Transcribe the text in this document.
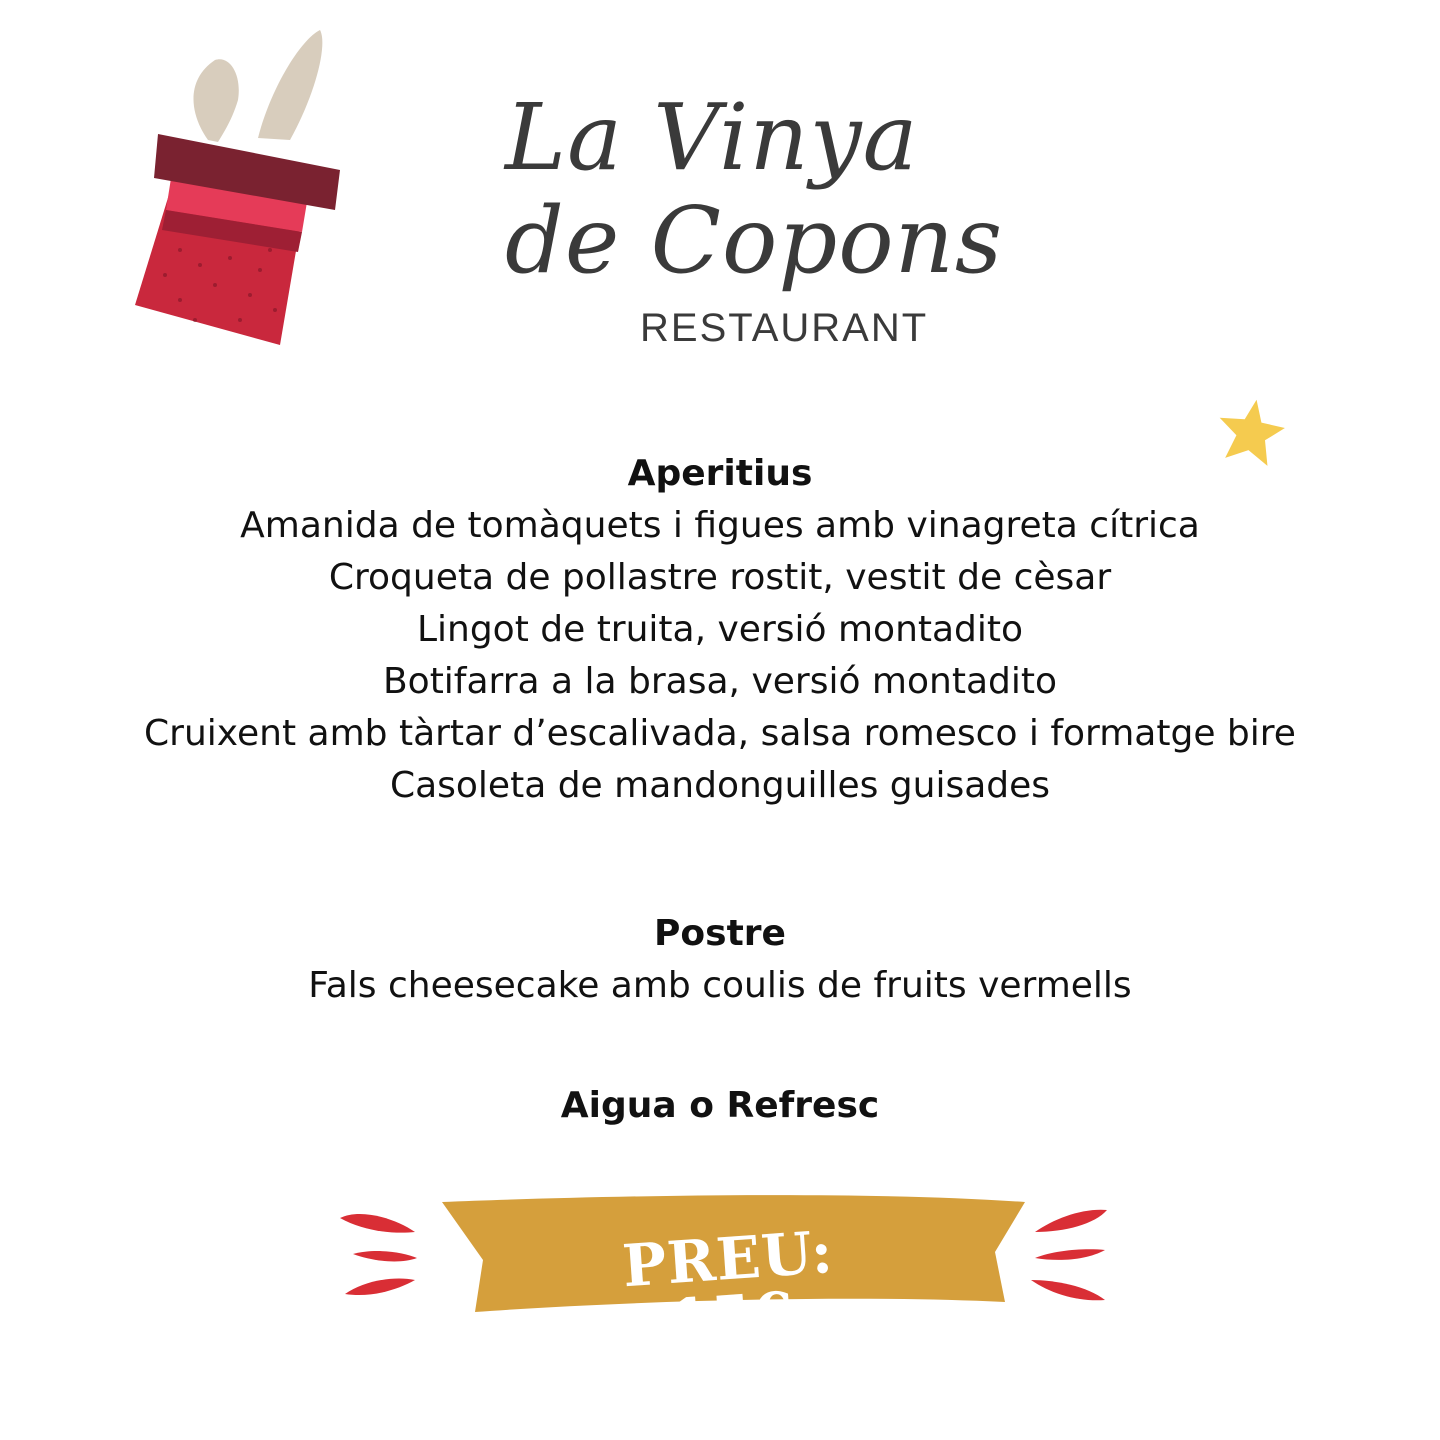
La Vinya
de Copons
RESTAURANT
Aperitius
Amanida de tomàquets i figues amb vinagreta cítrica
Croqueta de pollastre rostit, vestit de cèsar
Lingot de truita, versió montadito
Botifarra a la brasa, versió montadito
Cruixent amb tàrtar d’escalivada, salsa romesco i formatge bire
Casoleta de mandonguilles guisades
Postre
Fals cheesecake amb coulis de fruits vermells
Aigua o Refresc
PREU: 15€
